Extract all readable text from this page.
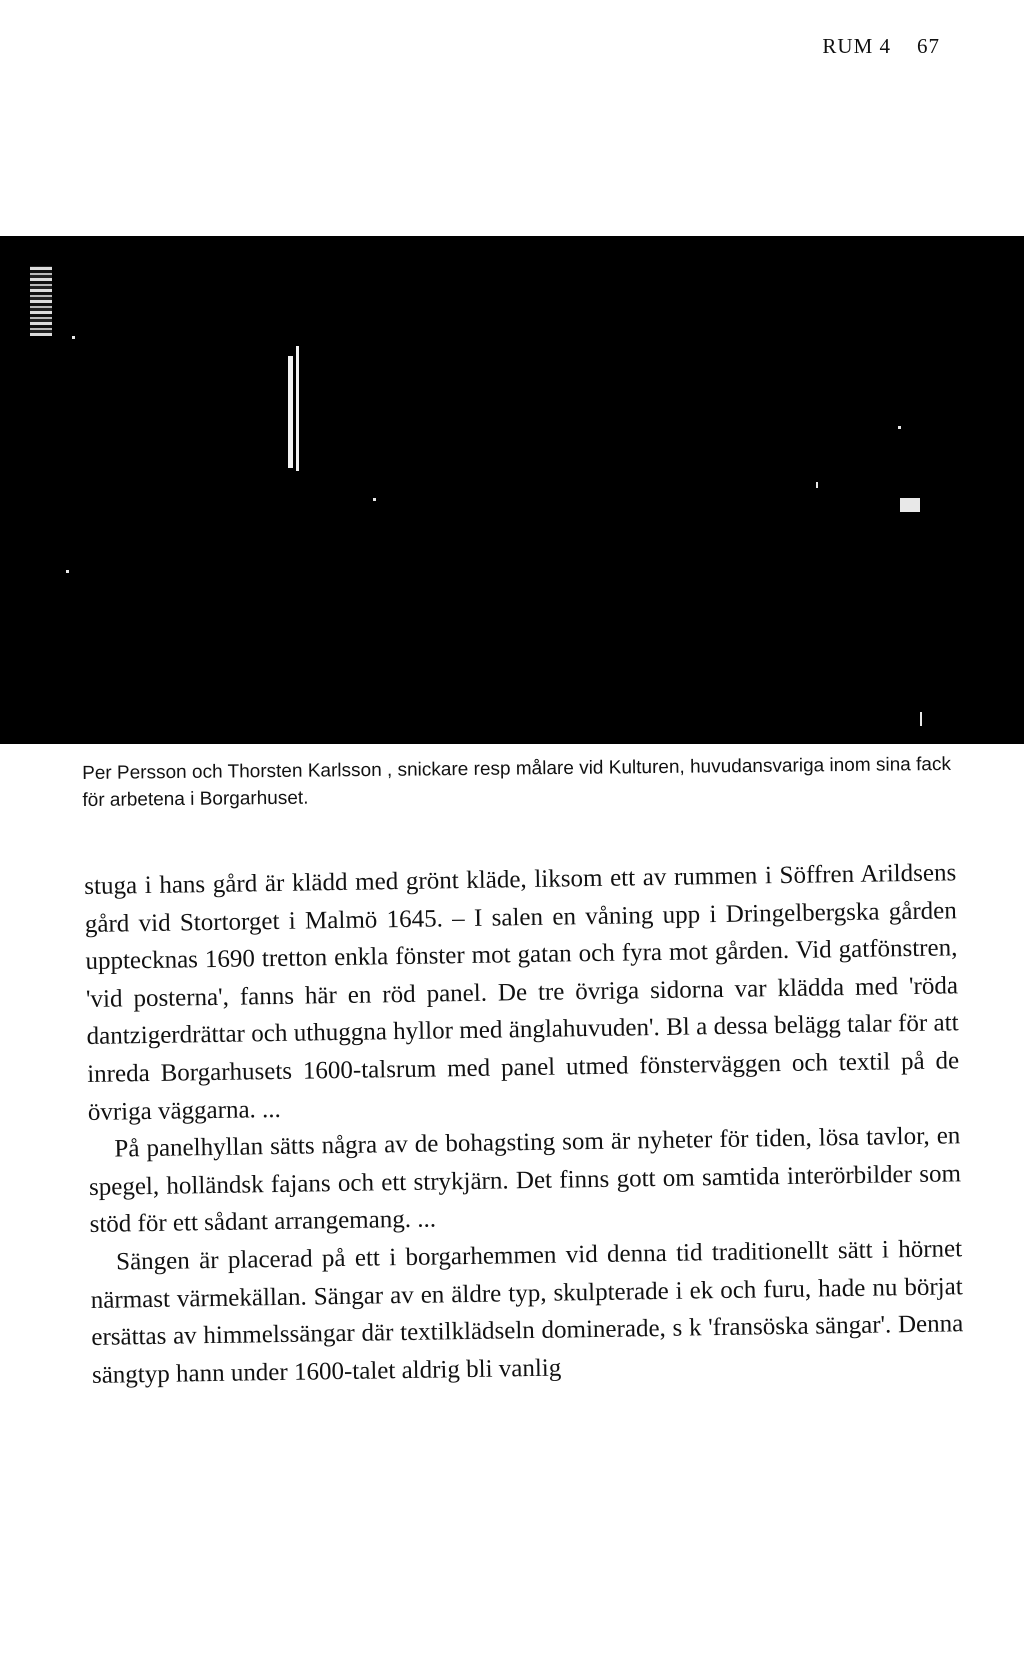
RUM 4 67
Per Persson och Thorsten Karlsson , snickare resp målare vid Kulturen, huvudansvariga inom sina fack för arbetena i Borgarhuset.

stuga i hans gård är klädd med grönt kläde, liksom ett av rummen i Söffren Arildsens gård vid Stortorget i Malmö 1645. – I salen en våning upp i Dringelbergska gården upptecknas 1690 tretton enkla fönster mot gatan och fyra mot gården. Vid gatfönstren, 'vid posterna', fanns här en röd panel. De tre övriga sidorna var klädda med 'röda dantzigerdrättar och uthuggna hyllor med änglahuvuden'. Bl a dessa belägg talar för att inreda Borgarhusets 1600-talsrum med panel utmed fönsterväggen och textil på de övriga väggarna. ...

På panelhyllan sätts några av de bohagsting som är nyheter för tiden, lösa tavlor, en spegel, holländsk fajans och ett strykjärn. Det finns gott om samtida interörbilder som stöd för ett sådant arrangemang. ...

Sängen är placerad på ett i borgarhemmen vid denna tid traditionellt sätt i hörnet närmast värmekällan. Sängar av en äldre typ, skulpterade i ek och furu, hade nu börjat ersättas av himmelssängar där textilklädseln dominerade, s k 'fransöska sängar'. Denna sängtyp hann under 1600-talet aldrig bli vanlig
